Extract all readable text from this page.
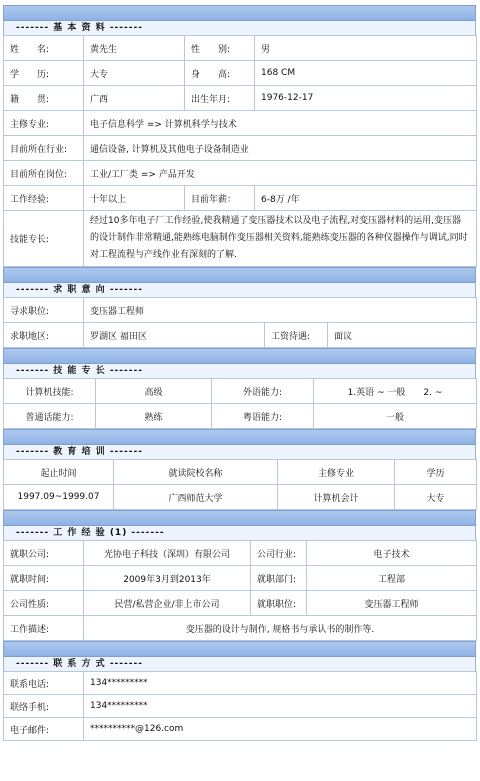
------- 基 本 资 料 -------
姓　　名:	黄先生	性　　别:	男
学　　历:	大专	身　　高:	168 CM
籍　　贯:	广西	出生年月:	1976-12-17
主修专业:	电子信息科学 => 计算机科学与技术		
目前所在行业:	通信设备, 计算机及其他电子设备制造业		
目前所在岗位:	工业/工厂类 => 产品开发		
工作经验:	十年以上	目前年薪：	6-8万 /年
技能专长:	经过10多年电子厂工作经验,使我精通了变压器技术以及电子流程,对变压器材料的运用,变压器的设计制作非常精通,能熟练电脑制作变压器相关资料,能熟练变压器的各种仪器操作与调试,同时对工程流程与产线作业有深刻的了解.		
------- 求 职 意 向 -------
寻求职位:	变压器工程师		
求职地区:	罗湖区 福田区	工资待遇:	面议
------- 技 能 专 长 -------
计算机技能:	高级	外语能力:	1.英语 ~ 一般　　2. ~
普通话能力:	熟练	粤语能力:	一般
------- 教 育 培 训 -------
起止时间	就读院校名称	主修专业	学历
1997.09~1999.07	广西师范大学	计算机会计	大专
------- 工 作 经 验 (1) -------
就职公司:	光协电子科技（深圳）有限公司	公司行业:	电子技术
就职时间:	2009年3月到2013年	就职部门:	工程部
公司性质:	民营/私营企业/非上市公司	就职职位:	变压器工程师
工作描述:	变压器的设计与制作, 规格书与承认书的制作等.		
------- 联 系 方 式 -------
联系电话:	134*********
联络手机:	134*********
电子邮件:	**********@126.com
